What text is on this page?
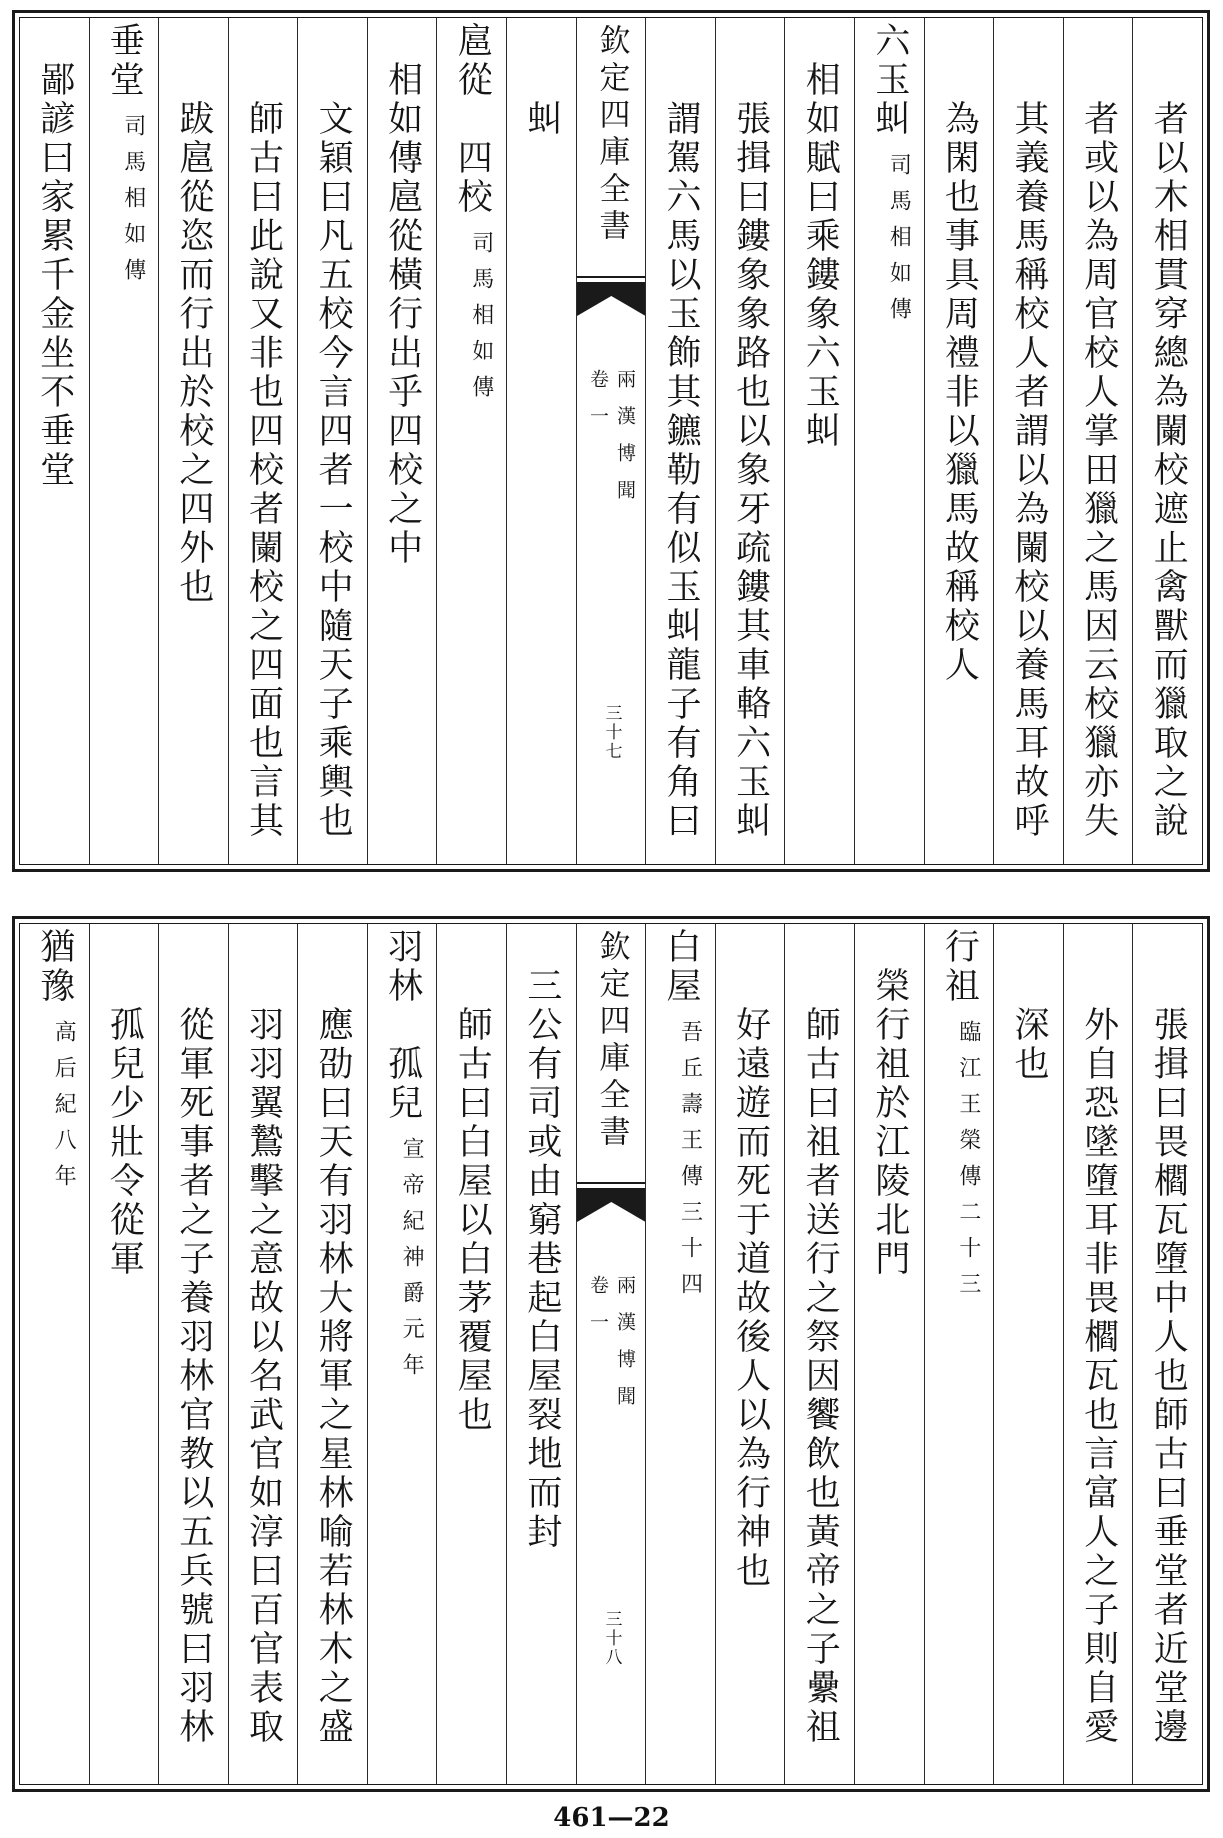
者以木相貫穿總為闌校遮止禽獸而獵取之說
者或以為周官校人掌田獵之馬因云校獵亦失
其義養馬稱校人者謂以為闌校以養馬耳故呼
為閑也事具周禮非以獵馬故稱校人
六玉虯
司馬相如傳
相如賦曰乘鏤象六玉虯
張揖曰鏤象象路也以象牙疏鏤其車輅六玉虯
謂駕六馬以玉飾其鑣勒有似玉虯龍子有角曰
欽定四庫全書
兩漢博聞
卷一
三十七
虯
扈從　四校
司馬相如傳
相如傳扈從橫行出乎四校之中
文穎曰凡五校今言四者一校中隨天子乘輿也
師古曰此說又非也四校者闌校之四面也言其
跋扈從恣而行出於校之四外也
垂堂
司馬相如傳
鄙諺曰家累千金坐不垂堂
張揖曰畏櫩瓦墮中人也師古曰垂堂者近堂邊
外自恐墜墮耳非畏櫩瓦也言富人之子則自愛
深也
行祖
臨江王榮傳二十三
榮行祖於江陵北門
師古曰祖者送行之祭因饗飲也黃帝之子纍祖
好遠遊而死于道故後人以為行神也
白屋
吾丘壽王傳三十四
欽定四庫全書
兩漢博聞
卷一
三十八
三公有司或由窮巷起白屋裂地而封
師古曰白屋以白茅覆屋也
羽林　孤兒
宣帝紀神爵元年
應劭曰天有羽林大將軍之星林喻若林木之盛
羽羽翼鷙擊之意故以名武官如淳曰百官表取
從軍死事者之子養羽林官教以五兵號曰羽林
孤兒少壯令從軍
猶豫
高后紀八年
461—22
